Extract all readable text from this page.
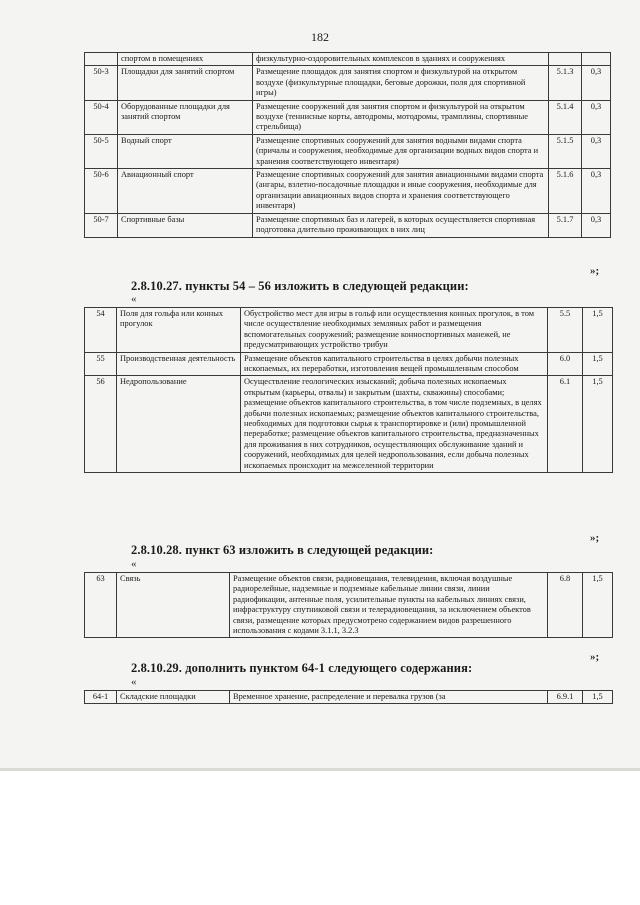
182
	спортом в помещениях	физкультурно-оздоровительных комплексов в зданиях и сооружениях		
50-3	Площадки для занятий спортом	Размещение площадок для занятия спортом и физкультурой на открытом воздухе (физкультурные площадки, беговые дорожки, поля для спортивной игры)	5.1.3	0,3
50-4	Оборудованные площадки для занятий спортом	Размещение сооружений для занятия спортом и физкультурой на открытом воздухе (теннисные корты, автодромы, мотодромы, трамплины, спортивные стрельбища)	5.1.4	0,3
50-5	Водный спорт	Размещение спортивных сооружений для занятия водными видами спорта (причалы и сооружения, необходимые для организации водных видов спорта и хранения соответствующего инвентаря)	5.1.5	0,3
50-6	Авиационный спорт	Размещение спортивных сооружений для занятия авиационными видами спорта (ангары, взлетно-посадочные площадки и иные сооружения, необходимые для организации авиационных видов спорта и хранения соответствующего инвентаря)	5.1.6	0,3
50-7	Спортивные базы	Размещение спортивных баз и лагерей, в которых осуществляется спортивная подготовка длительно проживающих в них лиц	5.1.7	0,3
»;
2.8.10.27. пункты 54 – 56 изложить в следующей редакции:
«
54	Поля для гольфа или конных прогулок	Обустройство мест для игры в гольф или осуществления конных прогулок, в том числе осуществление необходимых земляных работ и размещения вспомогательных сооружений; размещение конноспортивных манежей, не предусматривающих устройство трибун	5.5	1,5
55	Производственная деятельность	Размещение объектов капитального строительства в целях добычи полезных ископаемых, их переработки, изготовления вещей промышленным способом	6.0	1,5
56	Недропользование	Осуществление геологических изысканий; добыча полезных ископаемых открытым (карьеры, отвалы) и закрытым (шахты, скважины) способами; размещение объектов капитального строительства, в том числе подземных, в целях добычи полезных ископаемых; размещение объектов капитального строительства, необходимых для подготовки сырья к транспортировке и (или) промышленной переработке; размещение объектов капитального строительства, предназначенных для проживания в них сотрудников, осуществляющих обслуживание зданий и сооружений, необходимых для целей недропользования, если добыча полезных ископаемых происходит на межселенной территории	6.1	1,5
»;
2.8.10.28. пункт 63 изложить в следующей редакции:
«
63	Связь	Размещение объектов связи, радиовещания, телевидения, включая воздушные радиорелейные, надземные и подземные кабельные линии связи, линии радиофикации, антенные поля, усилительные пункты на кабельных линиях связи, инфраструктуру спутниковой связи и телерадиовещания, за исключением объектов связи, размещение которых предусмотрено содержанием видов разрешенного использования с кодами 3.1.1, 3.2.3	6.8	1,5
»;
2.8.10.29. дополнить пунктом 64-1 следующего содержания:
«
64-1	Складские площадки	Временное хранение, распределение и перевалка грузов (за	6.9.1	1,5
